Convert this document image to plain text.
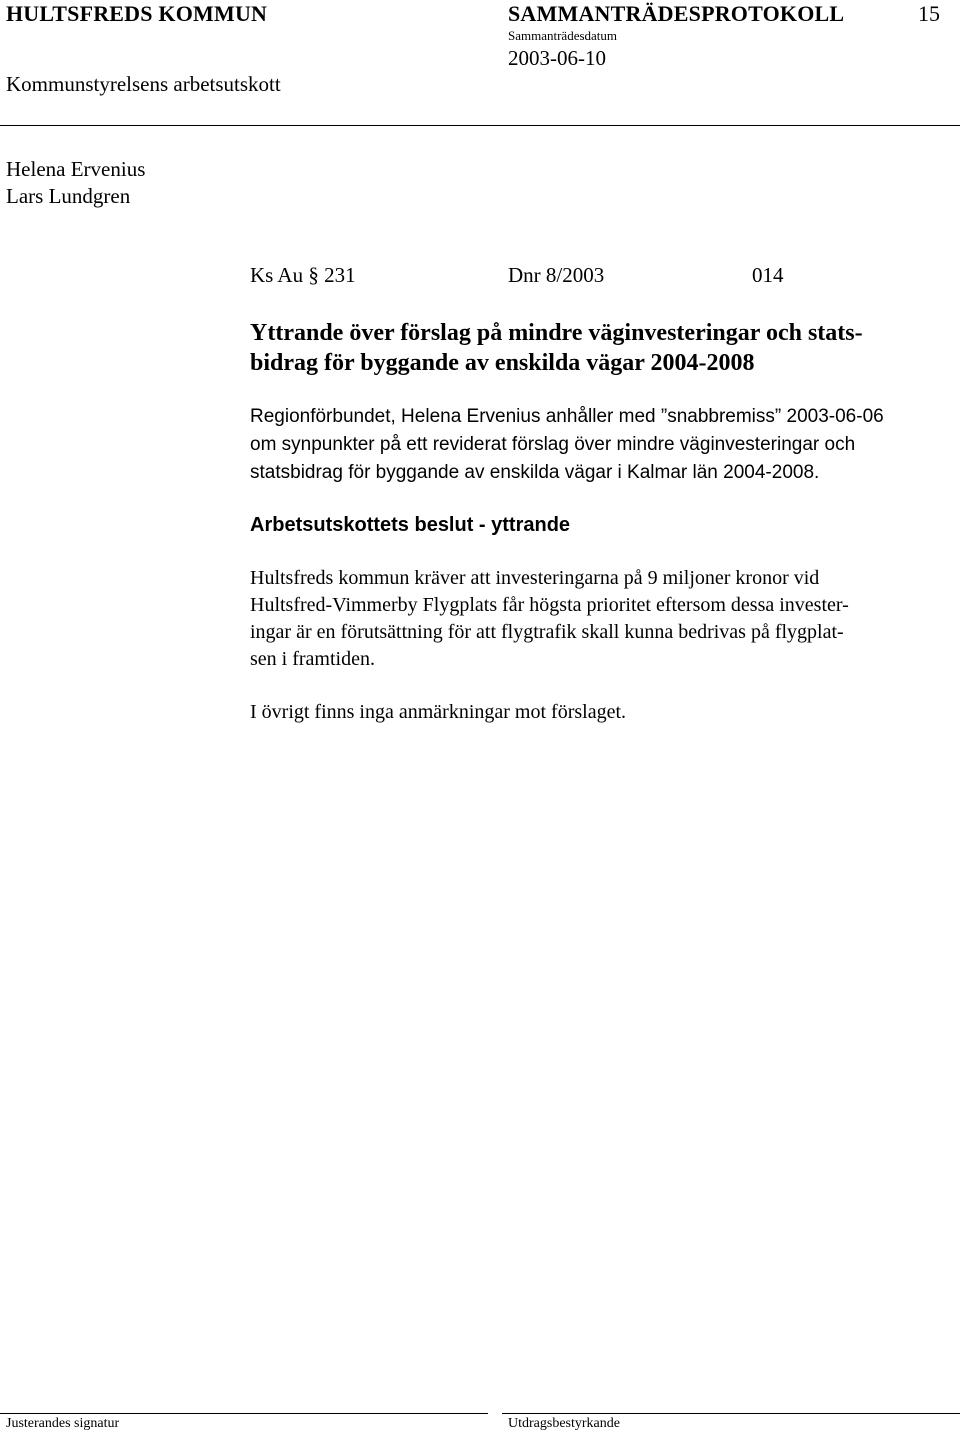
HULTSFREDS KOMMUN	SAMMANTRÄDESPROTOKOLL	15
Sammanträdesdatum
2003-06-10
Kommunstyrelsens arbetsutskott
Helena Ervenius
Lars Lundgren
Ks Au § 231	Dnr 8/2003	014
Yttrande över förslag på mindre väginvesteringar och stats-
bidrag för byggande av enskilda vägar 2004-2008
Regionförbundet, Helena Ervenius anhåller med ”snabbremiss” 2003-06-06
om synpunkter på ett reviderat förslag över mindre väginvesteringar och
statsbidrag för byggande av enskilda vägar i Kalmar län 2004-2008.
Arbetsutskottets beslut - yttrande
Hultsfreds kommun kräver att investeringarna på 9 miljoner kronor vid
Hultsfred-Vimmerby Flygplats får högsta prioritet eftersom dessa invester-
ingar är en förutsättning för att flygtrafik skall kunna bedrivas på flygplat-
sen i framtiden.
I övrigt finns inga anmärkningar mot förslaget.
Justerandes signatur	Utdragsbestyrkande
